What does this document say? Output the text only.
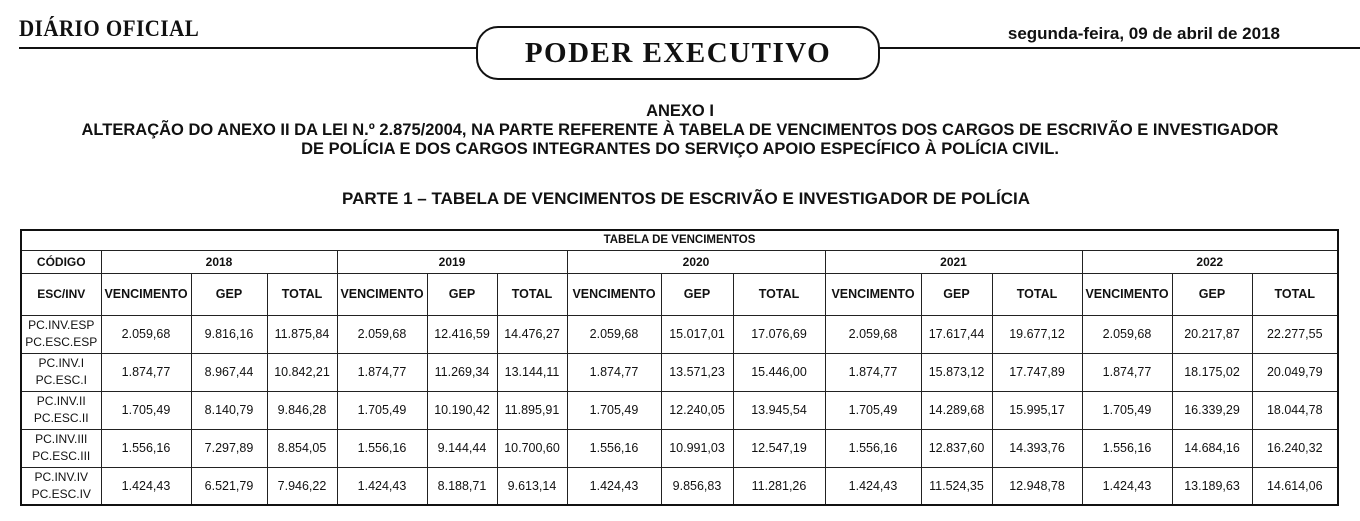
DIÁRIO OFICIAL
PODER EXECUTIVO
segunda-feira, 09 de abril de 2018
ANEXO I
ALTERAÇÃO DO ANEXO II DA LEI N.º 2.875/2004, NA PARTE REFERENTE À TABELA DE VENCIMENTOS DOS CARGOS DE ESCRIVÃO E INVESTIGADOR
DE POLÍCIA E DOS CARGOS INTEGRANTES DO SERVIÇO APOIO ESPECÍFICO À POLÍCIA CIVIL.
PARTE 1 – TABELA DE VENCIMENTOS DE ESCRIVÃO E INVESTIGADOR DE POLÍCIA
TABELA DE VENCIMENTOS															
CÓDIGO	2018			2019			2020			2021			2022		
ESC/INV	VENCIMENTO	GEP	TOTAL	VENCIMENTO	GEP	TOTAL	VENCIMENTO	GEP	TOTAL	VENCIMENTO	GEP	TOTAL	VENCIMENTO	GEP	TOTAL

PC.INV.ESP
PC.ESC.ESP	2.059,68	9.816,16	11.875,84	2.059,68	12.416,59	14.476,27	2.059,68	15.017,01	17.076,69	2.059,68	17.617,44	19.677,12	2.059,68	20.217,87	22.277,55

PC.INV.I
PC.ESC.I	1.874,77	8.967,44	10.842,21	1.874,77	11.269,34	13.144,11	1.874,77	13.571,23	15.446,00	1.874,77	15.873,12	17.747,89	1.874,77	18.175,02	20.049,79

PC.INV.II
PC.ESC.II	1.705,49	8.140,79	9.846,28	1.705,49	10.190,42	11.895,91	1.705,49	12.240,05	13.945,54	1.705,49	14.289,68	15.995,17	1.705,49	16.339,29	18.044,78

PC.INV.III
PC.ESC.III	1.556,16	7.297,89	8.854,05	1.556,16	9.144,44	10.700,60	1.556,16	10.991,03	12.547,19	1.556,16	12.837,60	14.393,76	1.556,16	14.684,16	16.240,32

PC.INV.IV
PC.ESC.IV	1.424,43	6.521,79	7.946,22	1.424,43	8.188,71	9.613,14	1.424,43	9.856,83	11.281,26	1.424,43	11.524,35	12.948,78	1.424,43	13.189,63	14.614,06
